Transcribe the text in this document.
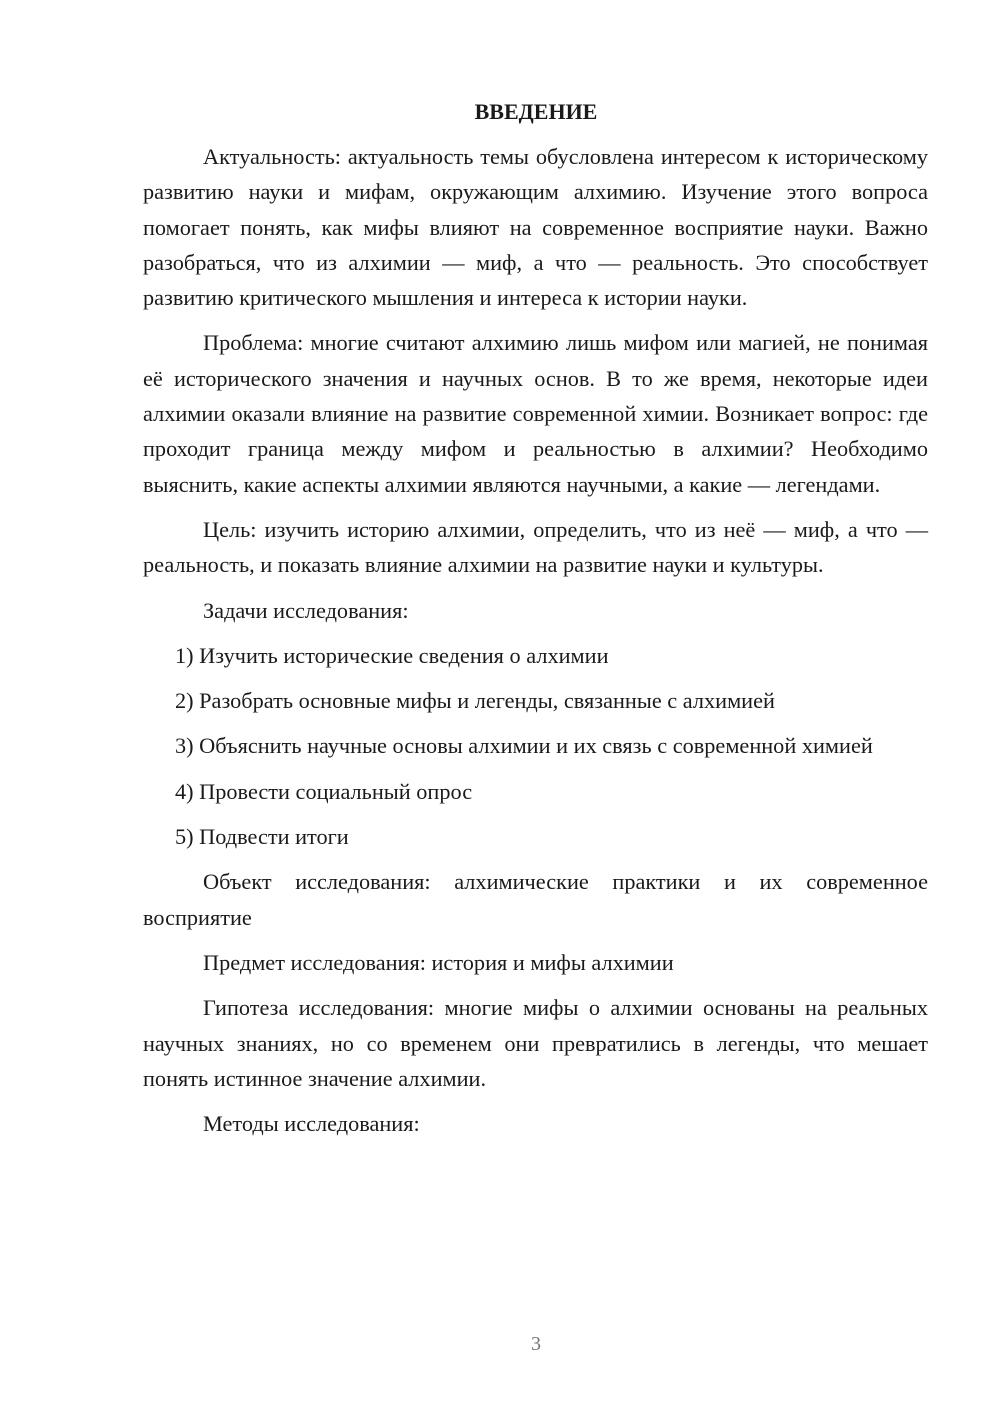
ВВЕДЕНИЕ

Актуальность: актуальность темы обусловлена интересом к историческому развитию науки и мифам, окружающим алхимию. Изучение этого вопроса помогает понять, как мифы влияют на современное восприятие науки. Важно разобраться, что из алхимии — миф, а что — реальность. Это способствует развитию критического мышления и интереса к истории науки.

Проблема: многие считают алхимию лишь мифом или магией, не понимая её исторического значения и научных основ. В то же время, некоторые идеи алхимии оказали влияние на развитие современной химии. Возникает вопрос: где проходит граница между мифом и реальностью в алхимии? Необходимо выяснить, какие аспекты алхимии являются научными, а какие — легендами.

Цель: изучить историю алхимии, определить, что из неё — миф, а что — реальность, и показать влияние алхимии на развитие науки и культуры.

Задачи исследования:

1) Изучить исторические сведения о алхимии

2) Разобрать основные мифы и легенды, связанные с алхимией

3) Объяснить научные основы алхимии и их связь с современной химией

4) Провести социальный опрос

5) Подвести итоги

Объект исследования: алхимические практики и их современное восприятие

Предмет исследования: история и мифы алхимии

Гипотеза исследования: многие мифы о алхимии основаны на реальных научных знаниях, но со временем они превратились в легенды, что мешает понять истинное значение алхимии.

Методы исследования:

3
